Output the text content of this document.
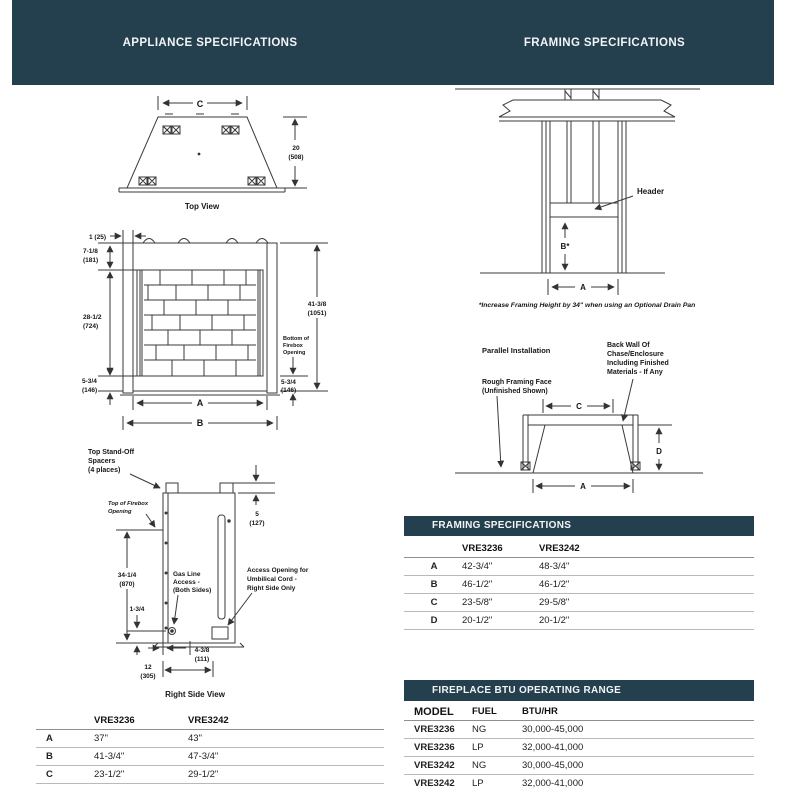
APPLIANCE SPECIFICATIONS	FRAMING SPECIFICATIONS
C
20
(508)
Top View
1 (25)
7-1/8
(181)
28-1/2
(724)
5-3/4
(146)
41-3/8
(1051)
Bottom of
Firebox
Opening
5-3/4
(146)
A
B
Top Stand-Off
Spacers
(4 places)
Top of Firebox
Opening	5
(127)
34-1/4
(870)
Gas Line
Access -
(Both Sides)
Access Opening for
Umbilical Cord -
Right Side Only
1-3/4
4-3/8
(111)
12
(305)
Right Side View
Header
B*
A
*Increase Framing Height by 34" when using an Optional Drain Pan
Parallel Installation
Back Wall Of
Chase/Enclosure
Including Finished
Materials - If Any
Rough Framing Face
(Unfinished Shown)
C
D
A
	VRE3236	VRE3242
A	37"	43"
B	41-3/4"	47-3/4"
C	23-1/2"	29-1/2"
FRAMING SPECIFICATIONS
	VRE3236	VRE3242
A	42-3/4"	48-3/4"
B	46-1/2"	46-1/2"
C	23-5/8"	29-5/8"
D	20-1/2"	20-1/2"
FIREPLACE BTU OPERATING RANGE
MODEL	FUEL	BTU/HR
VRE3236	NG	30,000-45,000
VRE3236	LP	32,000-41,000
VRE3242	NG	30,000-45,000
VRE3242	LP	32,000-41,000
